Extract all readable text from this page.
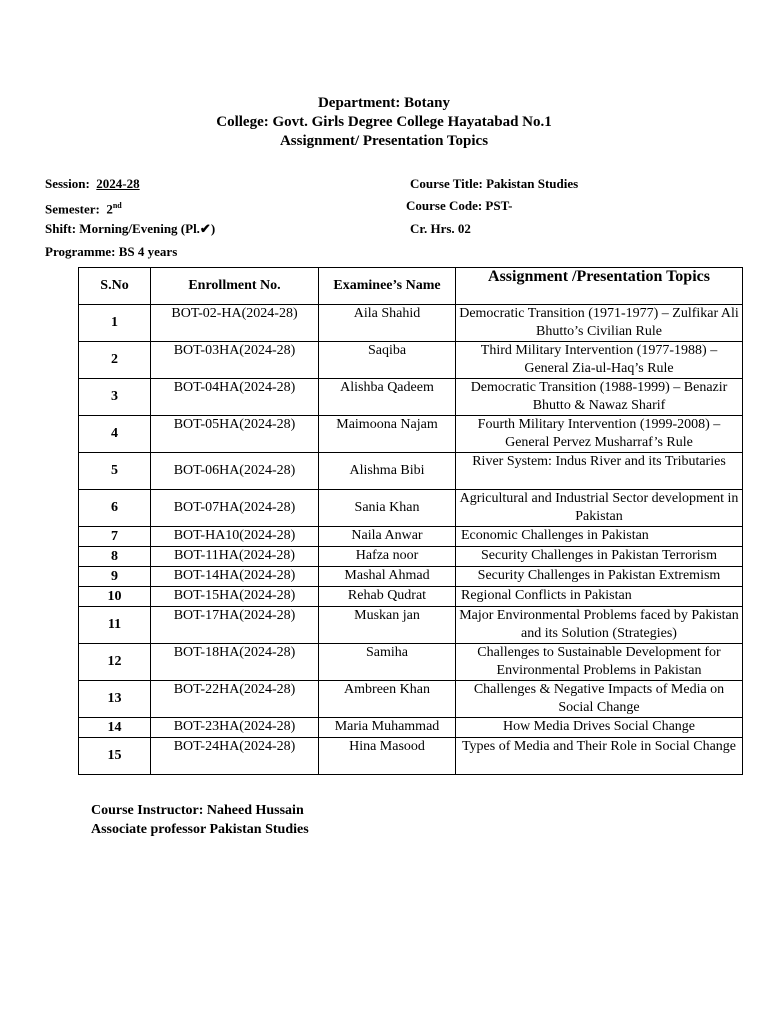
Department: Botany
College: Govt. Girls Degree College Hayatabad No.1
Assignment/ Presentation Topics
Session: 2024-28
Semester: 2nd
Shift: Morning/Evening (Pl.✔)
Programme: BS 4 years
Course Title: Pakistan Studies
Course Code: PST-
Cr. Hrs. 02
S.No	Enrollment No.	Examinee’s Name	Assignment /Presentation Topics
1	BOT-02-HA(2024-28)	Aila Shahid	Democratic Transition (1971-1977) – Zulfikar Ali Bhutto’s Civilian Rule
2	BOT-03HA(2024-28)	Saqiba	Third Military Intervention (1977-1988) – General Zia-ul-Haq’s Rule
3	BOT-04HA(2024-28)	Alishba Qadeem	Democratic Transition (1988-1999) – Benazir Bhutto & Nawaz Sharif
4	BOT-05HA(2024-28)	Maimoona Najam	Fourth Military Intervention (1999-2008) – General Pervez Musharraf’s Rule
5	BOT-06HA(2024-28)	Alishma Bibi	River System: Indus River and its Tributaries
6	BOT-07HA(2024-28)	Sania Khan	Agricultural and Industrial Sector development in Pakistan
7	BOT-HA10(2024-28)	Naila Anwar	Economic Challenges in Pakistan
8	BOT-11HA(2024-28)	Hafza noor	Security Challenges in Pakistan Terrorism
9	BOT-14HA(2024-28)	Mashal Ahmad	Security Challenges in Pakistan Extremism
10	BOT-15HA(2024-28)	Rehab Qudrat	Regional Conflicts in Pakistan
11	BOT-17HA(2024-28)	Muskan jan	Major Environmental Problems faced by Pakistan and its Solution (Strategies)
12	BOT-18HA(2024-28)	Samiha	Challenges to Sustainable Development for Environmental Problems in Pakistan
13	BOT-22HA(2024-28)	Ambreen Khan	Challenges & Negative Impacts of Media on Social Change
14	BOT-23HA(2024-28)	Maria Muhammad	How Media Drives Social Change
15	BOT-24HA(2024-28)	Hina Masood	Types of Media and Their Role in Social Change
Course Instructor: Naheed Hussain
Associate professor Pakistan Studies
